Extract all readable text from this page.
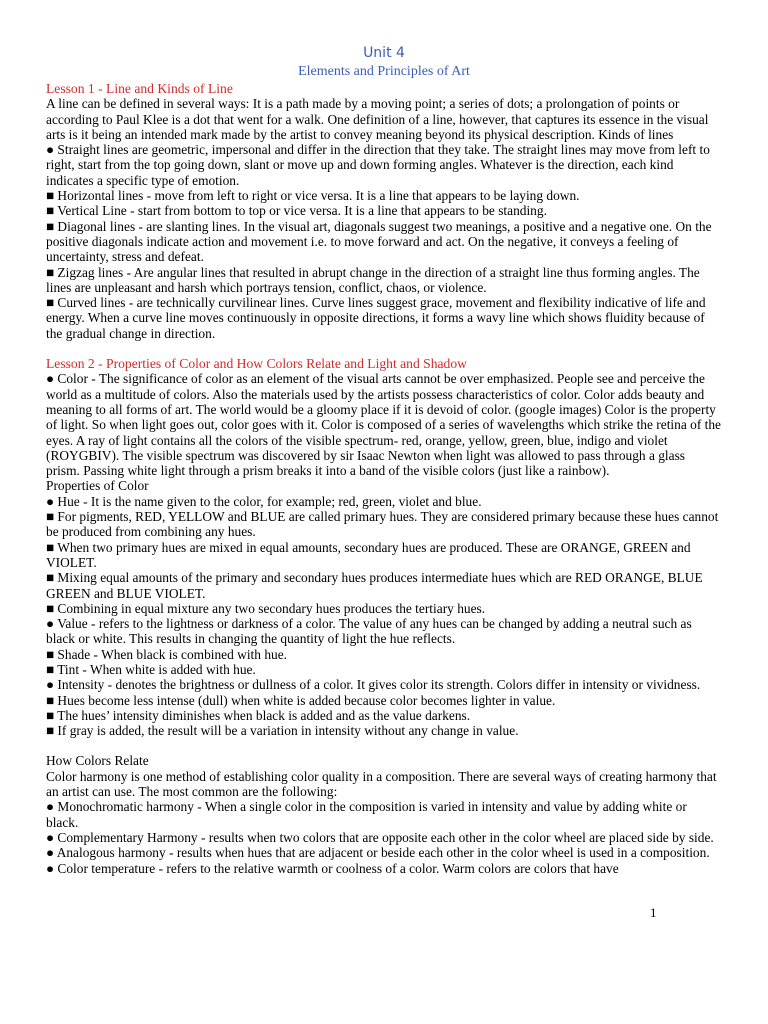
Unit 4
Elements and Principles of Art

Lesson 1 - Line and Kinds of Line

A line can be defined in several ways: It is a path made by a moving point; a series of dots; a prolongation of points or according to Paul Klee is a dot that went for a walk. One definition of a line, however, that captures its essence in the visual arts is it being an intended mark made by the artist to convey meaning beyond its physical description. Kinds of lines

● Straight lines are geometric, impersonal and differ in the direction that they take. The straight lines may move from left to right, start from the top going down, slant or move up and down forming angles. Whatever is the direction, each kind indicates a specific type of emotion.

■ Horizontal lines - move from left to right or vice versa. It is a line that appears to be laying down.

■ Vertical Line - start from bottom to top or vice versa. It is a line that appears to be standing.

■ Diagonal lines - are slanting lines. In the visual art, diagonals suggest two meanings, a positive and a negative one. On the positive diagonals indicate action and movement i.e. to move forward and act. On the negative, it conveys a feeling of uncertainty, stress and defeat.

■ Zigzag lines - Are angular lines that resulted in abrupt change in the direction of a straight line thus forming angles. The lines are unpleasant and harsh which portrays tension, conflict, chaos, or violence.

■ Curved lines - are technically curvilinear lines. Curve lines suggest grace, movement and flexibility indicative of life and energy. When a curve line moves continuously in opposite directions, it forms a wavy line which shows fluidity because of the gradual change in direction.

Lesson 2 - Properties of Color and How Colors Relate and Light and Shadow

● Color - The significance of color as an element of the visual arts cannot be over emphasized. People see and perceive the world as a multitude of colors. Also the materials used by the artists possess characteristics of color. Color adds beauty and meaning to all forms of art. The world would be a gloomy place if it is devoid of color. (google images) Color is the property of light. So when light goes out, color goes with it. Color is composed of a series of wavelengths which strike the retina of the eyes. A ray of light contains all the colors of the visible spectrum- red, orange, yellow, green, blue, indigo and violet (ROYGBIV). The visible spectrum was discovered by sir Isaac Newton when light was allowed to pass through a glass prism. Passing white light through a prism breaks it into a band of the visible colors (just like a rainbow).

Properties of Color

● Hue - It is the name given to the color, for example; red, green, violet and blue.

■ For pigments, RED, YELLOW and BLUE are called primary hues. They are considered primary because these hues cannot be produced from combining any hues.

■ When two primary hues are mixed in equal amounts, secondary hues are produced. These are ORANGE, GREEN and VIOLET.

■ Mixing equal amounts of the primary and secondary hues produces intermediate hues which are RED ORANGE, BLUE GREEN and BLUE VIOLET.

■ Combining in equal mixture any two secondary hues produces the tertiary hues.

● Value - refers to the lightness or darkness of a color. The value of any hues can be changed by adding a neutral such as black or white. This results in changing the quantity of light the hue reflects.

■ Shade - When black is combined with hue.

■ Tint - When white is added with hue.

● Intensity - denotes the brightness or dullness of a color. It gives color its strength. Colors differ in intensity or vividness.

■ Hues become less intense (dull) when white is added because color becomes lighter in value.

■ The hues’ intensity diminishes when black is added and as the value darkens.

■ If gray is added, the result will be a variation in intensity without any change in value.

How Colors Relate

Color harmony is one method of establishing color quality in a composition. There are several ways of creating harmony that an artist can use. The most common are the following:

● Monochromatic harmony - When a single color in the composition is varied in intensity and value by adding white or black.

● Complementary Harmony - results when two colors that are opposite each other in the color wheel are placed side by side.

● Analogous harmony - results when hues that are adjacent or beside each other in the color wheel is used in a composition.

● Color temperature - refers to the relative warmth or coolness of a color. Warm colors are colors that have

1
